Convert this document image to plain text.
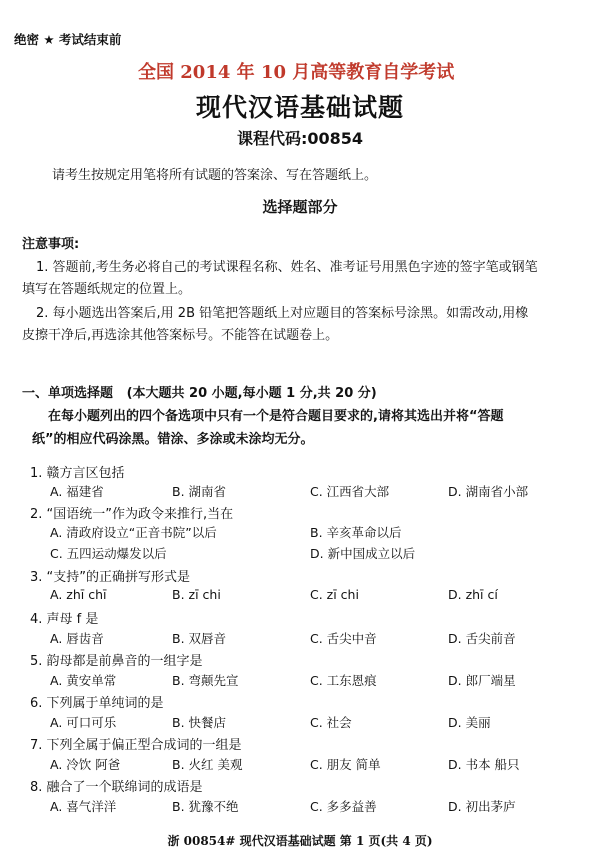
绝密 ★ 考试结束前
全国 2014 年 10 月高等教育自学考试
现代汉语基础试题
课程代码:00854
请考生按规定用笔将所有试题的答案涂、写在答题纸上。
选择题部分
注意事项:
1. 答题前,考生务必将自己的考试课程名称、姓名、准考证号用黑色字迹的签字笔或钢笔
填写在答题纸规定的位置上。
2. 每小题选出答案后,用 2B 铅笔把答题纸上对应题目的答案标号涂黑。如需改动,用橡
皮擦干净后,再选涂其他答案标号。不能答在试题卷上。
一、单项选择题 (本大题共 20 小题,每小题 1 分,共 20 分)
在每小题列出的四个备选项中只有一个是符合题目要求的,请将其选出并将“答题
纸”的相应代码涂黑。错涂、多涂或未涂均无分。
1. 赣方言区包括
A. 福建省	B. 湖南省	C. 江西省大部	D. 湖南省小部
2. “国语统一”作为政令来推行,当在
A. 清政府设立“正音书院”以后	B. 辛亥革命以后
C. 五四运动爆发以后	D. 新中国成立以后
3. “支持”的正确拼写形式是
A. zhī chī	B. zī chi	C. zī chi	D. zhī cí
4. 声母 f 是
A. 唇齿音	B. 双唇音	C. 舌尖中音	D. 舌尖前音
5. 韵母都是前鼻音的一组字是
A. 黄安单常	B. 弯颠先宣	C. 工东恩痕	D. 郎厂端星
6. 下列属于单纯词的是
A. 可口可乐	B. 快餐店	C. 社会	D. 美丽
7. 下列全属于偏正型合成词的一组是
A. 冷饮 阿爸	B. 火红 美观	C. 朋友 简单	D. 书本 船只
8. 融合了一个联绵词的成语是
A. 喜气洋洋	B. 犹豫不绝	C. 多多益善	D. 初出茅庐
浙 00854# 现代汉语基础试题 第 1 页(共 4 页)
